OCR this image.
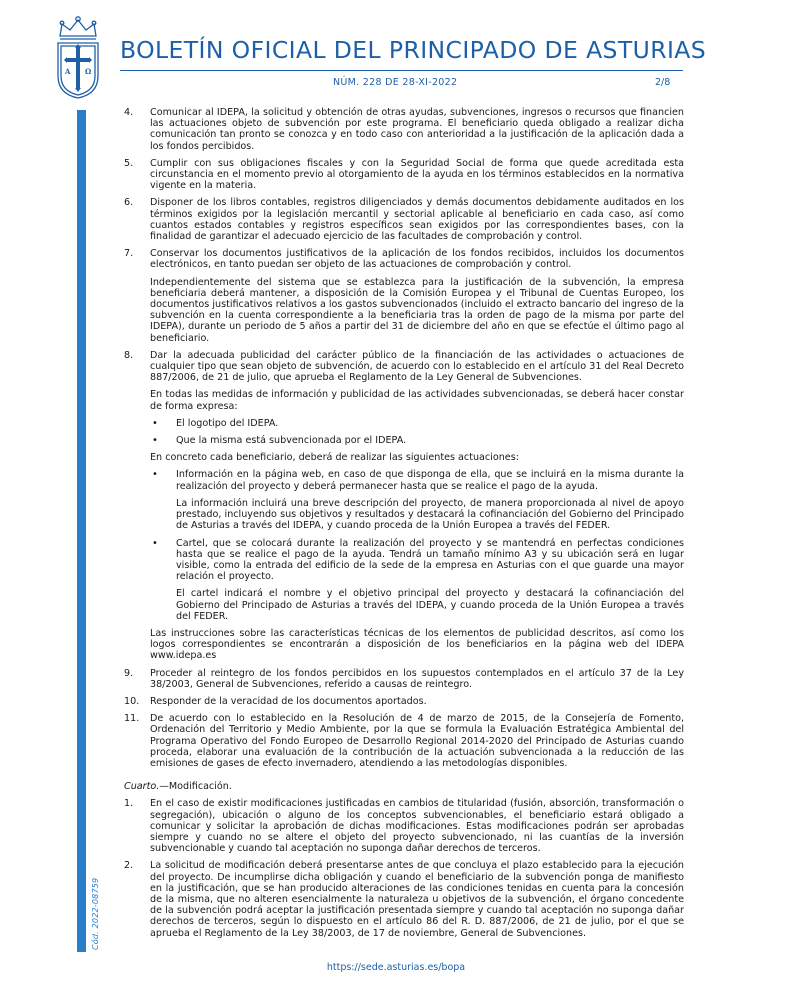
A Ω
BOLETÍN OFICIAL DEL PRINCIPADO DE ASTURIAS
NÚM. 228 DE 28-XI-2022	2/8
Cód. 2022-08759
4. Comunicar al IDEPA, la solicitud y obtención de otras ayudas, subvenciones, ingresos o recursos que financien las actuaciones objeto de subvención por este programa. El beneficiario queda obligado a realizar dicha comunicación tan pronto se conozca y en todo caso con anterioridad a la justificación de la aplicación dada a los fondos percibidos.
5. Cumplir con sus obligaciones fiscales y con la Seguridad Social de forma que quede acreditada esta circunstancia en el momento previo al otorgamiento de la ayuda en los términos establecidos en la normativa vigente en la materia.
6. Disponer de los libros contables, registros diligenciados y demás documentos debidamente auditados en los términos exigidos por la legislación mercantil y sectorial aplicable al beneficiario en cada caso, así como cuantos estados contables y registros específicos sean exigidos por las correspondientes bases, con la finalidad de garantizar el adecuado ejercicio de las facultades de comprobación y control.
7. Conservar los documentos justificativos de la aplicación de los fondos recibidos, incluidos los documentos electrónicos, en tanto puedan ser objeto de las actuaciones de comprobación y control.
Independientemente del sistema que se establezca para la justificación de la subvención, la empresa beneficiaria deberá mantener, a disposición de la Comisión Europea y el Tribunal de Cuentas Europeo, los documentos justificativos relativos a los gastos subvencionados (incluido el extracto bancario del ingreso de la subvención en la cuenta correspondiente a la beneficiaria tras la orden de pago de la misma por parte del IDEPA), durante un periodo de 5 años a partir del 31 de diciembre del año en que se efectúe el último pago al beneficiario.
8. Dar la adecuada publicidad del carácter público de la financiación de las actividades o actuaciones de cualquier tipo que sean objeto de subvención, de acuerdo con lo establecido en el artículo 31 del Real Decreto 887/2006, de 21 de julio, que aprueba el Reglamento de la Ley General de Subvenciones.
En todas las medidas de información y publicidad de las actividades subvencionadas, se deberá hacer constar de forma expresa:
• El logotipo del IDEPA.
• Que la misma está subvencionada por el IDEPA.
En concreto cada beneficiario, deberá de realizar las siguientes actuaciones:
• Información en la página web, en caso de que disponga de ella, que se incluirá en la misma durante la realización del proyecto y deberá permanecer hasta que se realice el pago de la ayuda.
La información incluirá una breve descripción del proyecto, de manera proporcionada al nivel de apoyo prestado, incluyendo sus objetivos y resultados y destacará la cofinanciación del Gobierno del Principado de Asturias a través del IDEPA, y cuando proceda de la Unión Europea a través del FEDER.
• Cartel, que se colocará durante la realización del proyecto y se mantendrá en perfectas condiciones hasta que se realice el pago de la ayuda. Tendrá un tamaño mínimo A3 y su ubicación será en lugar visible, como la entrada del edificio de la sede de la empresa en Asturias con el que guarde una mayor relación el proyecto.
El cartel indicará el nombre y el objetivo principal del proyecto y destacará la cofinanciación del Gobierno del Principado de Asturias a través del IDEPA, y cuando proceda de la Unión Europea a través del FEDER.
Las instrucciones sobre las características técnicas de los elementos de publicidad descritos, así como los logos correspondientes se encontrarán a disposición de los beneficiarios en la página web del IDEPA www.idepa.es
9. Proceder al reintegro de los fondos percibidos en los supuestos contemplados en el artículo 37 de la Ley 38/2003, General de Subvenciones, referido a causas de reintegro.
10. Responder de la veracidad de los documentos aportados.
11. De acuerdo con lo establecido en la Resolución de 4 de marzo de 2015, de la Consejería de Fomento, Ordenación del Territorio y Medio Ambiente, por la que se formula la Evaluación Estratégica Ambiental del Programa Operativo del Fondo Europeo de Desarrollo Regional 2014-2020 del Principado de Asturias cuando proceda, elaborar una evaluación de la contribución de la actuación subvencionada a la reducción de las emisiones de gases de efecto invernadero, atendiendo a las metodologías disponibles.
Cuarto.—Modificación.
1. En el caso de existir modificaciones justificadas en cambios de titularidad (fusión, absorción, transformación o segregación), ubicación o alguno de los conceptos subvencionables, el beneficiario estará obligado a comunicar y solicitar la aprobación de dichas modificaciones. Estas modificaciones podrán ser aprobadas siempre y cuando no se altere el objeto del proyecto subvencionado, ni las cuantías de la inversión subvencionable y cuando tal aceptación no suponga dañar derechos de terceros.
2. La solicitud de modificación deberá presentarse antes de que concluya el plazo establecido para la ejecución del proyecto. De incumplirse dicha obligación y cuando el beneficiario de la subvención ponga de manifiesto en la justificación, que se han producido alteraciones de las condiciones tenidas en cuenta para la concesión de la misma, que no alteren esencialmente la naturaleza u objetivos de la subvención, el órgano concedente de la subvención podrá aceptar la justificación presentada siempre y cuando tal aceptación no suponga dañar derechos de terceros, según lo dispuesto en el artículo 86 del R. D. 887/2006, de 21 de julio, por el que se aprueba el Reglamento de la Ley 38/2003, de 17 de noviembre, General de Subvenciones.
https://sede.asturias.es/bopa
